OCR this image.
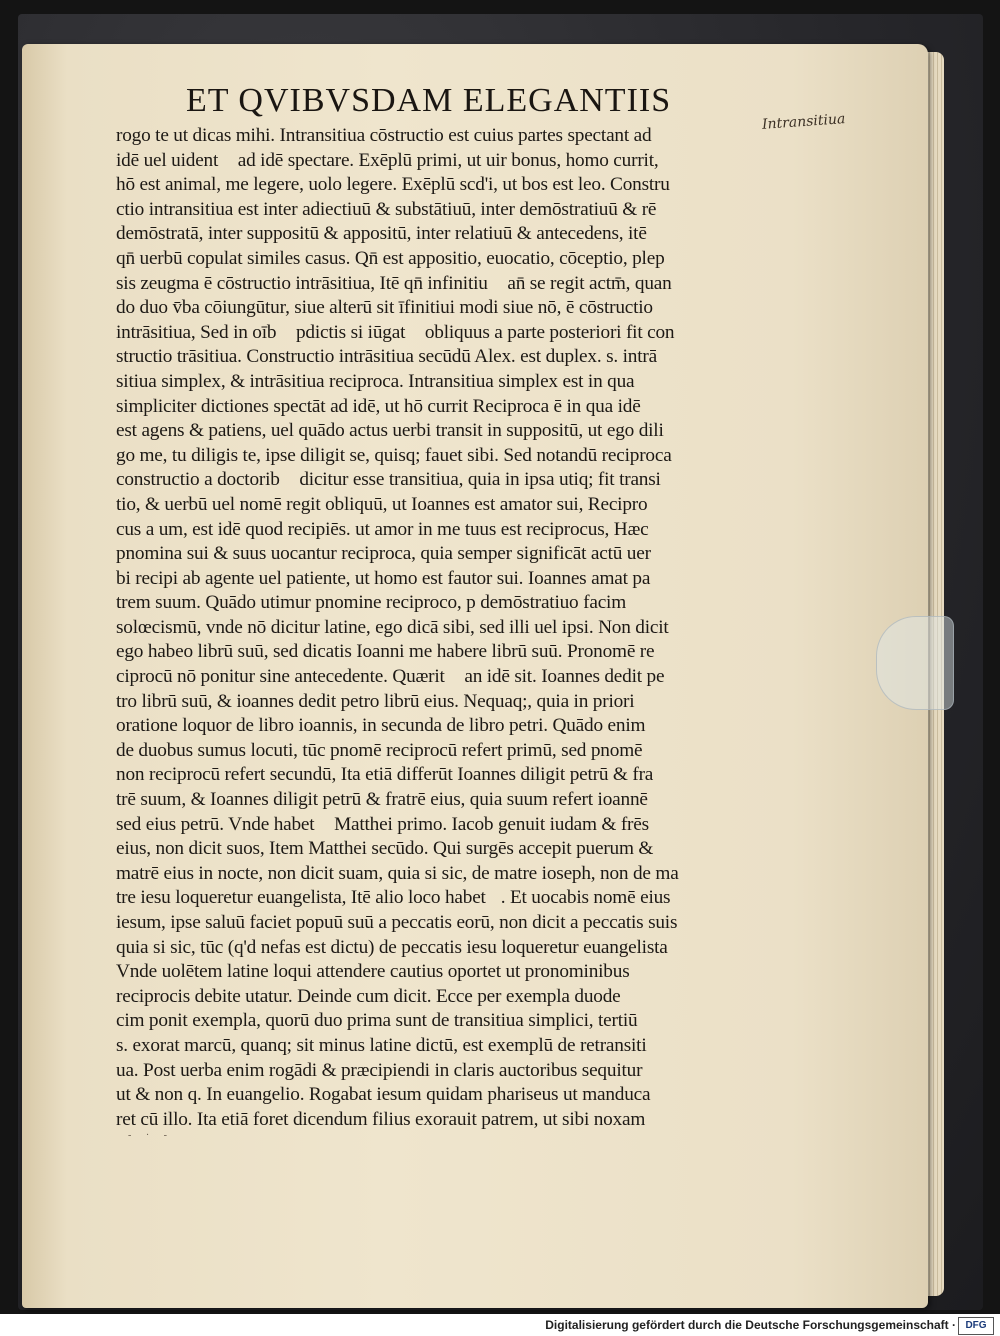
ET QVIBVSDAM ELEGANTIIS
Intransitiua
rogo te ut dicas mihi. Intransitiua cōstructio est cuius partes spectant ad
idē uel uidentᷣ ad idē spectare. Exēplū primi, ut uir bonus, homo currit,
hō est animal, me legere, uolo legere. Exēplū scd'i, ut bos est leo. Constru
ctio intransitiua est inter adiectiuū & substātiuū, inter demōstratiuū & rē
demōstratā, inter suppositū & appositū, inter relatiuū & antecedens, itē
qn̄ uerbū copulat similes casus. Qn̄ est appositio, euocatio, cōceptio, plep
sis zeugma ē cōstructio intrāsitiua, Itē qn̄ infinitiuᷓ an̄ se regit actm̄, quan
do duo v̄ba cōiungūtur, siue alterū sit īfinitiui modi siue nō, ē cōstructio
intrāsitiua, Sed in oībᷓ pdictis si iūgatᷣ obliquus a parte posteriori fit con
structio trāsitiua. Constructio intrāsitiua secūdū Alex. est duplex. s. intrā
sitiua simplex, & intrāsitiua reciproca. Intransitiua simplex est in qua
simpliciter dictiones spectāt ad idē, ut hō currit Reciproca ē in qua idē
est agens & patiens, uel quādo actus uerbi transit in suppositū, ut ego dili
go me, tu diligis te, ipse diligit se, quisq; fauet sibi. Sed notandū reciproca
constructio a doctoribᷓ dicitur esse transitiua, quia in ipsa utiq; fit transi
tio, & uerbū uel nomē regit obliquū, ut Ioannes est amator sui, Recipro
cus a um, est idē quod recipiēs. ut amor in me tuus est reciprocus, Hæc
pnomina sui & suus uocantur reciproca, quia semper significāt actū uer
bi recipi ab agente uel patiente, ut homo est fautor sui. Ioannes amat pa
trem suum. Quādo utimur pnomine reciproco, p demōstratiuo facimᷓ
solœcismū, vnde nō dicitur latine, ego dicā sibi, sed illi uel ipsi. Non dicitᷣ
ego habeo librū suū, sed dicatis Ioanni me habere librū suū. Pronomē re
ciprocū nō ponitur sine antecedente. Quæritᷣ an idē sit. Ioannes dedit pe
tro librū suū, & ioannes dedit petro librū eius. Nequaq;, quia in priori
oratione loquor de libro ioannis, in secunda de libro petri. Quādo enim
de duobus sumus locuti, tūc pnomē reciprocū refert primū, sed pnomē
non reciprocū refert secundū, Ita etiā differūt Ioannes diligit petrū & fra
trē suum, & Ioannes diligit petrū & fratrē eius, quia suum refert ioannē
sed eius petrū. Vnde habetᷣ Matthei primo. Iacob genuit iudam & frēs
eius, non dicit suos, Item Matthei secūdo. Qui surgēs accepit puerum &
matrē eius in nocte, non dicit suam, quia si sic, de matre ioseph, non de ma
tre iesu loqueretur euangelista, Itē alio loco habetᷣ. Et uocabis nomē eius
iesum, ipse saluū faciet popuū suū a peccatis eorū, non dicit a peccatis suis
quia si sic, tūc (q'd nefas est dictu) de peccatis iesu loqueretur euangelista
Vnde uolētem latine loqui attendere cautius oportet ut pronominibus
reciprocis debite utatur. Deinde cum dicit. Ecce per exempla duode
cim ponit exempla, quorū duo prima sunt de transitiua simplici, tertiū
s. exorat marcū, quanq; sit minus latine dictū, est exemplū de retransiti
ua. Post uerba enim rogādi & præcipiendi in claris auctoribus sequitur
ut & non q. In euangelio. Rogabat iesum quidam phariseus ut manduca
ret cū illo. Ita etiā foret dicendum filius exorauit patrem, ut sibi noxam
- · -
Digitalisierung gefördert durch die Deutsche Forschungsgemeinschaft · DFG
